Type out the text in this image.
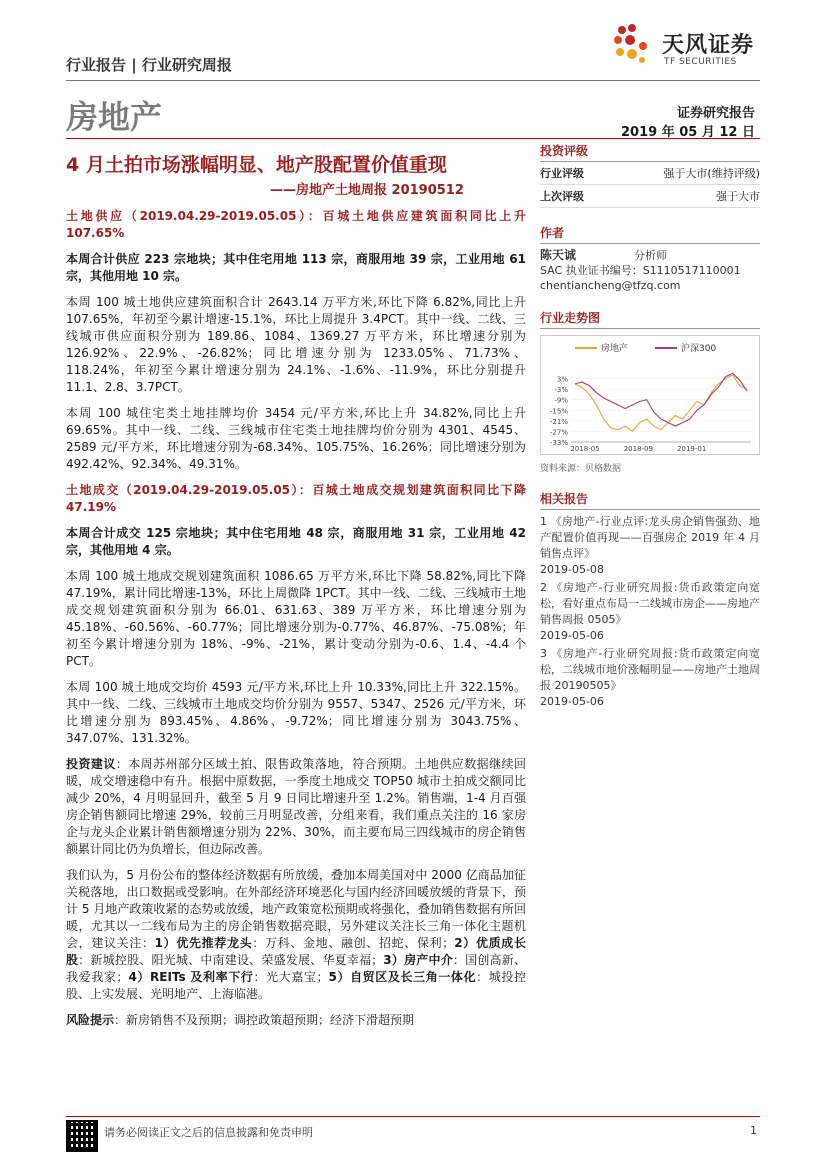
行业报告 | 行业研究周报
天风证券
TF SECURITIES
房地产	证券研究报告
2019 年 05 月 12 日
4 月土拍市场涨幅明显、地产股配置价值重现
——房地产土地周报 20190512

土地供应（2019.04.29-2019.05.05）：百城土地供应建筑面积同比上升 107.65%

本周合计供应 223 宗地块；其中住宅用地 113 宗，商服用地 39 宗，工业用地 61 宗，其他用地 10 宗。

本周 100 城土地供应建筑面积合计 2643.14 万平方米,环比下降 6.82%,同比上升 107.65%，年初至今累计增速-15.1%，环比上周提升 3.4PCT。其中一线、二线、三线城市供应面积分别为 189.86、1084、1369.27 万平方米，环比增速分别为 126.92%、22.9%、-26.82%；同比增速分别为 1233.05%、71.73%、118.24%，年初至今累计增速分别为 24.1%、-1.6%、-11.9%，环比分别提升 11.1、2.8、3.7PCT。

本周 100 城住宅类土地挂牌均价 3454 元/平方米,环比上升 34.82%,同比上升 69.65%。其中一线、二线、三线城市住宅类土地挂牌均价分别为 4301、4545、2589 元/平方米，环比增速分别为-68.34%、105.75%、16.26%；同比增速分别为 492.42%、92.34%、49.31%。

土地成交（2019.04.29-2019.05.05）：百城土地成交规划建筑面积同比下降 47.19%

本周合计成交 125 宗地块；其中住宅用地 48 宗，商服用地 31 宗，工业用地 42 宗，其他用地 4 宗。

本周 100 城土地成交规划建筑面积 1086.65 万平方米,环比下降 58.82%,同比下降 47.19%，累计同比增速-13%，环比上周微降 1PCT。其中一线、二线、三线城市土地成交规划建筑面积分别为 66.01、631.63、389 万平方米，环比增速分别为 45.18%、-60.56%、-60.77%；同比增速分别为-0.77%、46.87%、-75.08%；年初至今累计增速分别为 18%、-9%、-21%，累计变动分别为-0.6、1.4、-4.4 个 PCT。

本周 100 城土地成交均价 4593 元/平方米,环比上升 10.33%,同比上升 322.15%。其中一线、二线、三线城市土地成交均价分别为 9557、5347、2526 元/平方米，环比增速分别为 893.45%、4.86%、-9.72%；同比增速分别为 3043.75%、347.07%、131.32%。

投资建议：本周苏州部分区域土拍、限售政策落地，符合预期。土地供应数据继续回暖，成交增速稳中有升。根据中原数据，一季度土地成交 TOP50 城市土拍成交额同比减少 20%，4 月明显回升，截至 5 月 9 日同比增速升至 1.2%。销售端，1-4 月百强房企销售额同比增速 29%，较前三月明显改善，分组来看，我们重点关注的 16 家房企与龙头企业累计销售额增速分别为 22%、30%，而主要布局三四线城市的房企销售额累计同比仍为负增长，但边际改善。

我们认为，5 月份公布的整体经济数据有所放缓，叠加本周美国对中 2000 亿商品加征关税落地，出口数据或受影响。在外部经济环境恶化与国内经济回暖放缓的背景下，预计 5 月地产政策收紧的态势或放缓，地产政策宽松预期或将强化，叠加销售数据有所回暖，尤其以一二线布局为主的房企销售数据亮眼，另外建议关注长三角一体化主题机会，建议关注：1）优先推荐龙头：万科、金地、融创、招蛇、保利；2）优质成长股：新城控股、阳光城、中南建设、荣盛发展、华夏幸福；3）房产中介：国创高新、我爱我家；4）REITs 及利率下行：光大嘉宝；5）自贸区及长三角一体化：城投控股、上实发展、光明地产、上海临港。

风险提示：新房销售不及预期；调控政策超预期；经济下滑超预期

投资评级
行业评级	强于大市(维持评级)
上次评级	强于大市
作者
陈天诚	分析师
SAC 执业证书编号：S1110517110001
chentiancheng@tfzq.com
行业走势图
房地产	沪深300
3%
-3%
-9%
-15%
-21%
-27%
-33%
2018-05	2018-09	2019-01
资料来源：贝格数据
相关报告
1 《房地产-行业点评:龙头房企销售强劲、地产配置价值再现——百强房企 2019 年 4 月销售点评》
2019-05-08
2 《房地产-行业研究周报:货币政策定向宽松，看好重点布局一二线城市房企——房地产销售周报 0505》
2019-05-06
3 《房地产-行业研究周报:货币政策定向宽松，二线城市地价涨幅明显——房地产土地周报 20190505》
2019-05-06
请务必阅读正文之后的信息披露和免责申明	1
